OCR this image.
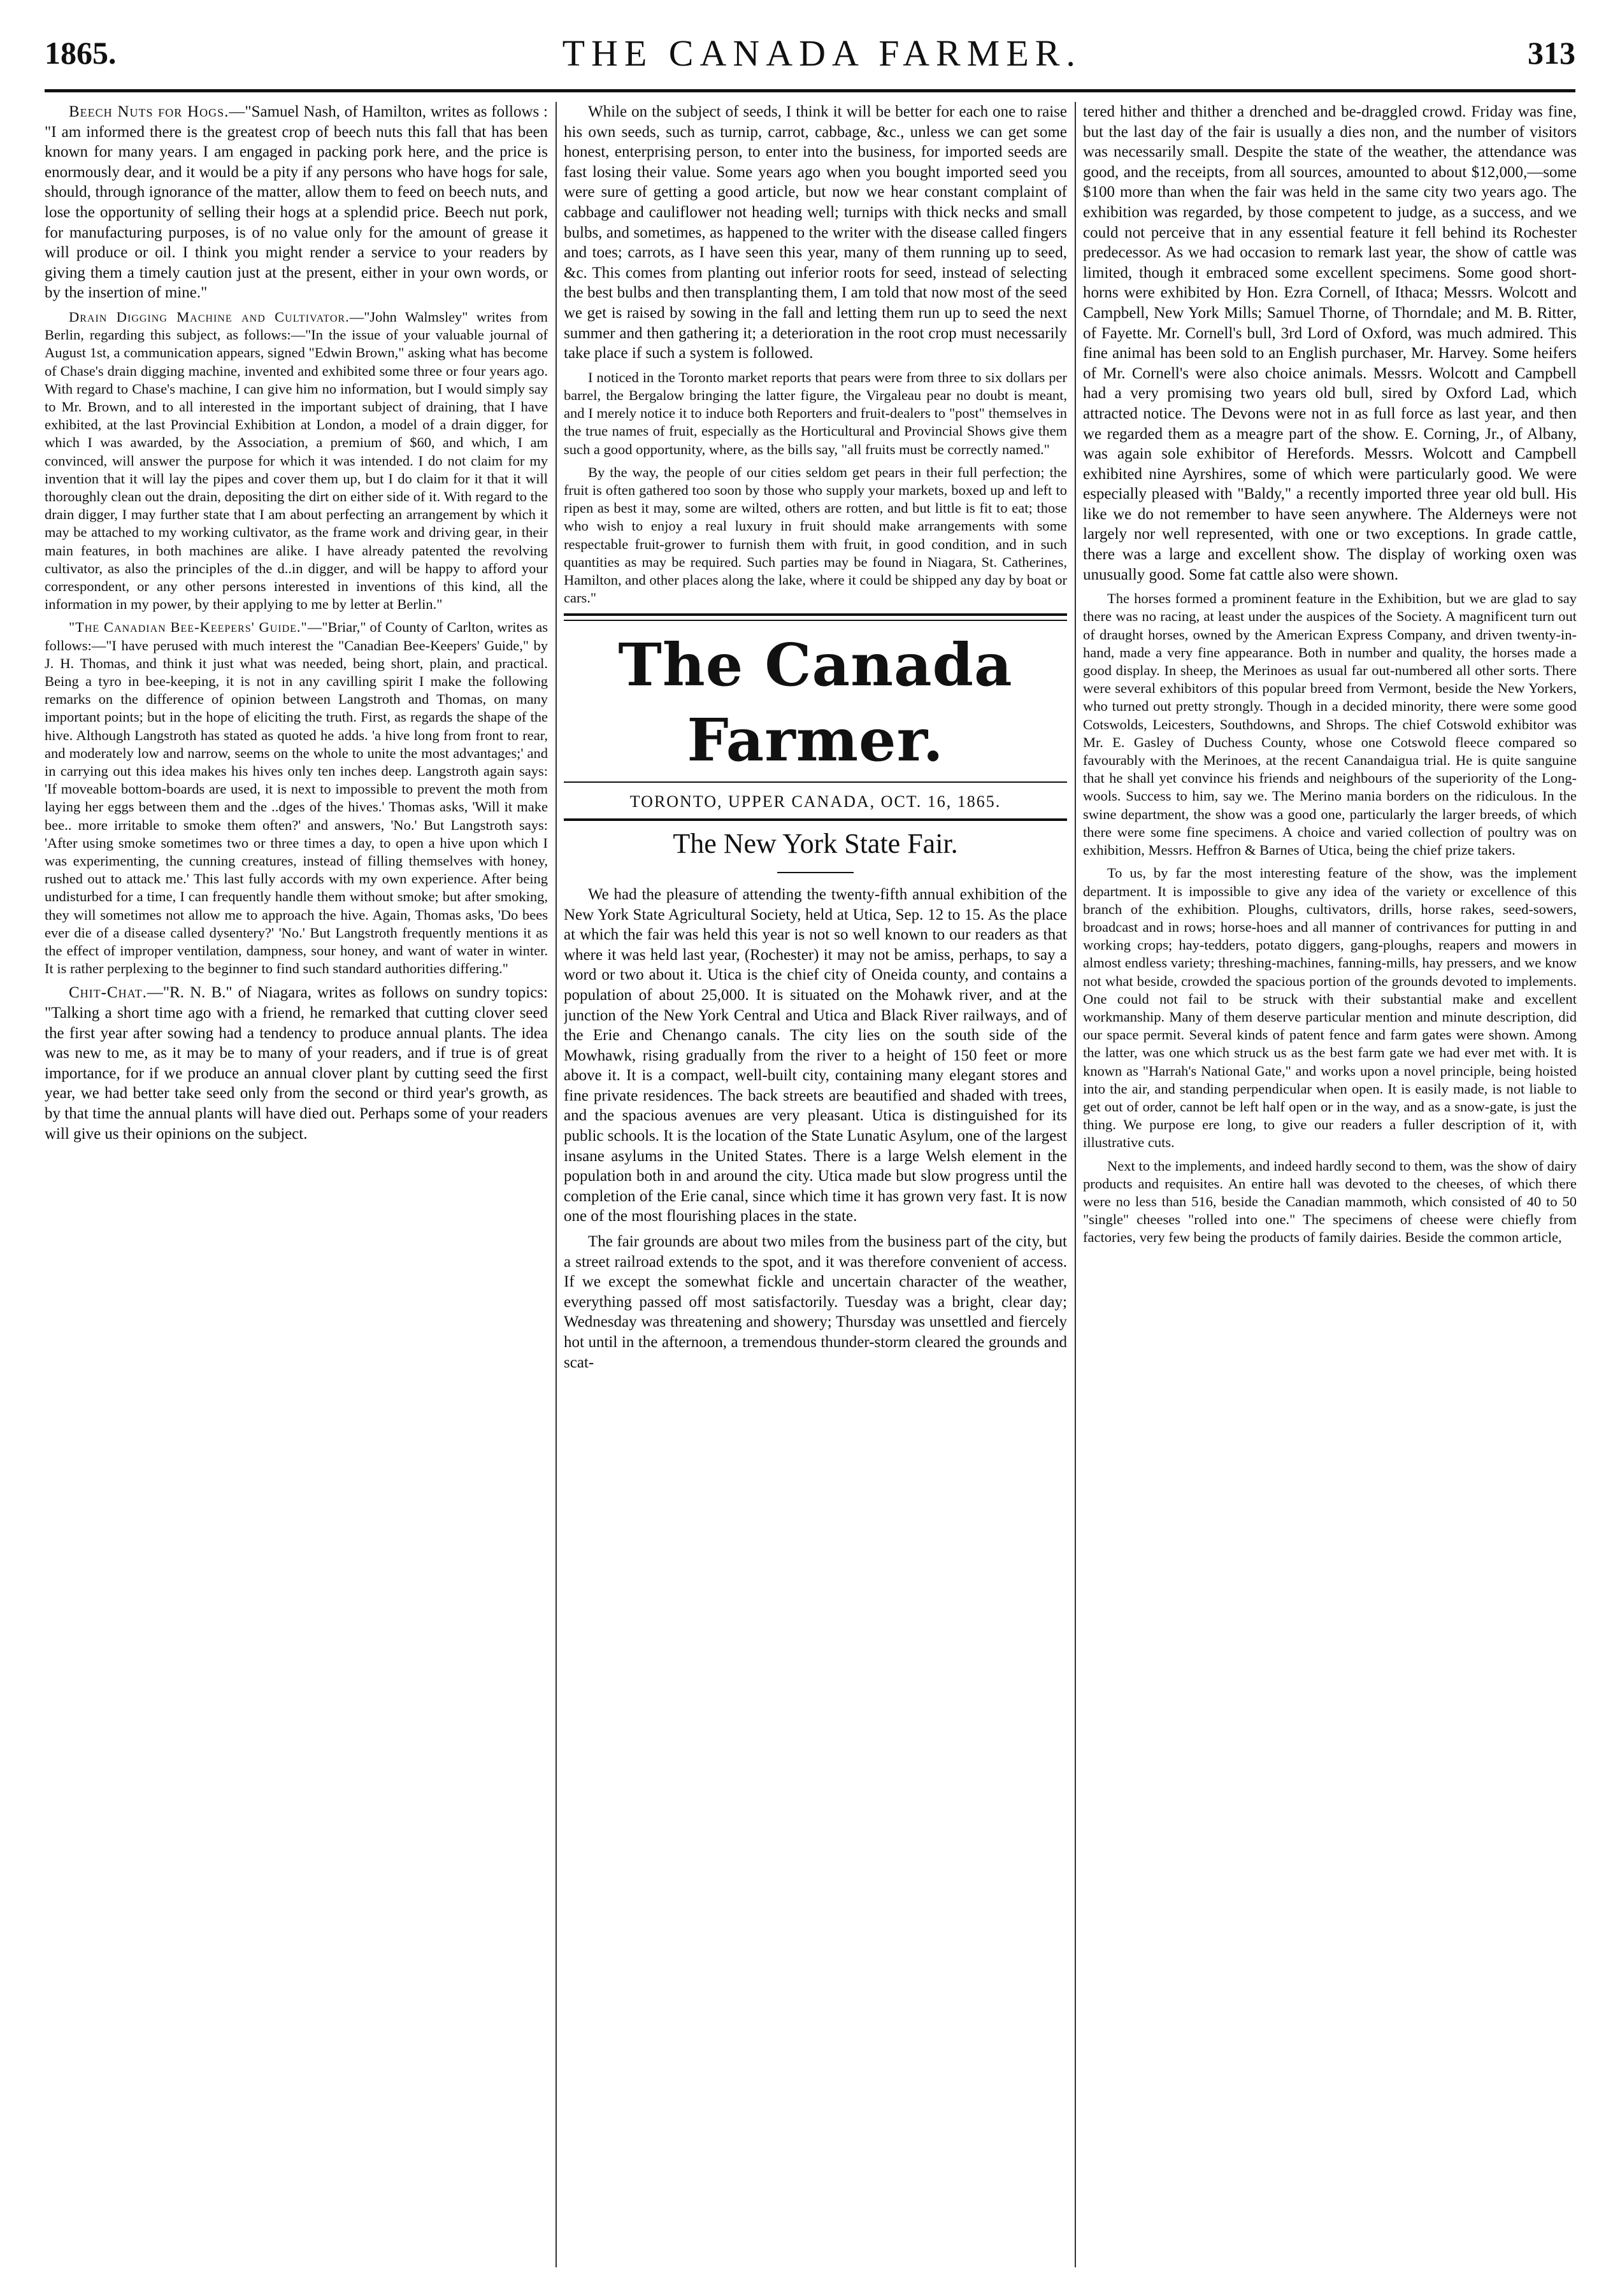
1865.	THE CANADA FARMER.	313

Beech Nuts for Hogs.—"Samuel Nash, of Hamilton, writes as follows : "I am informed there is the greatest crop of beech nuts this fall that has been known for many years. I am engaged in packing pork here, and the price is enormously dear, and it would be a pity if any persons who have hogs for sale, should, through ignorance of the matter, allow them to feed on beech nuts, and lose the opportunity of selling their hogs at a splendid price. Beech nut pork, for manufacturing purposes, is of no value only for the amount of grease it will produce or oil. I think you might render a service to your readers by giving them a timely caution just at the present, either in your own words, or by the insertion of mine."

Drain Digging Machine and Cultivator.—"John Walmsley" writes from Berlin, regarding this subject, as follows:—"In the issue of your valuable journal of August 1st, a communication appears, signed "Edwin Brown," asking what has become of Chase's drain digging machine, invented and exhibited some three or four years ago. With regard to Chase's machine, I can give him no information, but I would simply say to Mr. Brown, and to all interested in the important subject of draining, that I have exhibited, at the last Provincial Exhibition at London, a model of a drain digger, for which I was awarded, by the Association, a premium of $60, and which, I am convinced, will answer the purpose for which it was intended. I do not claim for my invention that it will lay the pipes and cover them up, but I do claim for it that it will thoroughly clean out the drain, depositing the dirt on either side of it. With regard to the drain digger, I may further state that I am about perfecting an arrangement by which it may be attached to my working cultivator, as the frame work and driving gear, in their main features, in both machines are alike. I have already patented the revolving cultivator, as also the principles of the d..in digger, and will be happy to afford your correspondent, or any other persons interested in inventions of this kind, all the information in my power, by their applying to me by letter at Berlin."

"The Canadian Bee-Keepers' Guide."—"Briar," of County of Carlton, writes as follows:—"I have perused with much interest the "Canadian Bee-Keepers' Guide," by J. H. Thomas, and think it just what was needed, being short, plain, and practical. Being a tyro in bee-keeping, it is not in any cavilling spirit I make the following remarks on the difference of opinion between Langstroth and Thomas, on many important points; but in the hope of eliciting the truth. First, as regards the shape of the hive. Although Langstroth has stated as quoted he adds. 'a hive long from front to rear, and moderately low and narrow, seems on the whole to unite the most advantages;' and in carrying out this idea makes his hives only ten inches deep. Langstroth again says: 'If moveable bottom-boards are used, it is next to impossible to prevent the moth from laying her eggs between them and the ..dges of the hives.' Thomas asks, 'Will it make bee.. more irritable to smoke them often?' and answers, 'No.' But Langstroth says: 'After using smoke sometimes two or three times a day, to open a hive upon which I was experimenting, the cunning creatures, instead of filling themselves with honey, rushed out to attack me.' This last fully accords with my own experience. After being undisturbed for a time, I can frequently handle them without smoke; but after smoking, they will sometimes not allow me to approach the hive. Again, Thomas asks, 'Do bees ever die of a disease called dysentery?' 'No.' But Langstroth frequently mentions it as the effect of improper ventilation, dampness, sour honey, and want of water in winter. It is rather perplexing to the beginner to find such standard authorities differing."

Chit-Chat.—"R. N. B." of Niagara, writes as follows on sundry topics: "Talking a short time ago with a friend, he remarked that cutting clover seed the first year after sowing had a tendency to produce annual plants. The idea was new to me, as it may be to many of your readers, and if true is of great importance, for if we produce an annual clover plant by cutting seed the first year, we had better take seed only from the second or third year's growth, as by that time the annual plants will have died out. Perhaps some of your readers will give us their opinions on the subject.

While on the subject of seeds, I think it will be better for each one to raise his own seeds, such as turnip, carrot, cabbage, &c., unless we can get some honest, enterprising person, to enter into the business, for imported seeds are fast losing their value. Some years ago when you bought imported seed you were sure of getting a good article, but now we hear constant complaint of cabbage and cauliflower not heading well; turnips with thick necks and small bulbs, and sometimes, as happened to the writer with the disease called fingers and toes; carrots, as I have seen this year, many of them running up to seed, &c. This comes from planting out inferior roots for seed, instead of selecting the best bulbs and then transplanting them, I am told that now most of the seed we get is raised by sowing in the fall and letting them run up to seed the next summer and then gathering it; a deterioration in the root crop must necessarily take place if such a system is followed.

I noticed in the Toronto market reports that pears were from three to six dollars per barrel, the Bergalow bringing the latter figure, the Virgaleau pear no doubt is meant, and I merely notice it to induce both Reporters and fruit-dealers to "post" themselves in the true names of fruit, especially as the Horticultural and Provincial Shows give them such a good opportunity, where, as the bills say, "all fruits must be correctly named."

By the way, the people of our cities seldom get pears in their full perfection; the fruit is often gathered too soon by those who supply your markets, boxed up and left to ripen as best it may, some are wilted, others are rotten, and but little is fit to eat; those who wish to enjoy a real luxury in fruit should make arrangements with some respectable fruit-grower to furnish them with fruit, in good condition, and in such quantities as may be required. Such parties may be found in Niagara, St. Catherines, Hamilton, and other places along the lake, where it could be shipped any day by boat or cars."

The Canada Farmer.

TORONTO, UPPER CANADA, OCT. 16, 1865.

The New York State Fair.

We had the pleasure of attending the twenty-fifth annual exhibition of the New York State Agricultural Society, held at Utica, Sep. 12 to 15. As the place at which the fair was held this year is not so well known to our readers as that where it was held last year, (Rochester) it may not be amiss, perhaps, to say a word or two about it. Utica is the chief city of Oneida county, and contains a population of about 25,000. It is situated on the Mohawk river, and at the junction of the New York Central and Utica and Black River railways, and of the Erie and Chenango canals. The city lies on the south side of the Mowhawk, rising gradually from the river to a height of 150 feet or more above it. It is a compact, well-built city, containing many elegant stores and fine private residences. The back streets are beautified and shaded with trees, and the spacious avenues are very pleasant. Utica is distinguished for its public schools. It is the location of the State Lunatic Asylum, one of the largest insane asylums in the United States. There is a large Welsh element in the population both in and around the city. Utica made but slow progress until the completion of the Erie canal, since which time it has grown very fast. It is now one of the most flourishing places in the state.

The fair grounds are about two miles from the business part of the city, but a street railroad extends to the spot, and it was therefore convenient of access. If we except the somewhat fickle and uncertain character of the weather, everything passed off most satisfactorily. Tuesday was a bright, clear day; Wednesday was threatening and showery; Thursday was unsettled and fiercely hot until in the afternoon, a tremendous thunder-storm cleared the grounds and scat-

tered hither and thither a drenched and be-draggled crowd. Friday was fine, but the last day of the fair is usually a dies non, and the number of visitors was necessarily small. Despite the state of the weather, the attendance was good, and the receipts, from all sources, amounted to about $12,000,—some $100 more than when the fair was held in the same city two years ago. The exhibition was regarded, by those competent to judge, as a success, and we could not perceive that in any essential feature it fell behind its Rochester predecessor. As we had occasion to remark last year, the show of cattle was limited, though it embraced some excellent specimens. Some good short-horns were exhibited by Hon. Ezra Cornell, of Ithaca; Messrs. Wolcott and Campbell, New York Mills; Samuel Thorne, of Thorndale; and M. B. Ritter, of Fayette. Mr. Cornell's bull, 3rd Lord of Oxford, was much admired. This fine animal has been sold to an English purchaser, Mr. Harvey. Some heifers of Mr. Cornell's were also choice animals. Messrs. Wolcott and Campbell had a very promising two years old bull, sired by Oxford Lad, which attracted notice. The Devons were not in as full force as last year, and then we regarded them as a meagre part of the show. E. Corning, Jr., of Albany, was again sole exhibitor of Herefords. Messrs. Wolcott and Campbell exhibited nine Ayrshires, some of which were particularly good. We were especially pleased with "Baldy," a recently imported three year old bull. His like we do not remember to have seen anywhere. The Alderneys were not largely nor well represented, with one or two exceptions. In grade cattle, there was a large and excellent show. The display of working oxen was unusually good. Some fat cattle also were shown.

The horses formed a prominent feature in the Exhibition, but we are glad to say there was no racing, at least under the auspices of the Society. A magnificent turn out of draught horses, owned by the American Express Company, and driven twenty-in-hand, made a very fine appearance. Both in number and quality, the horses made a good display. In sheep, the Merinoes as usual far out-numbered all other sorts. There were several exhibitors of this popular breed from Vermont, beside the New Yorkers, who turned out pretty strongly. Though in a decided minority, there were some good Cotswolds, Leicesters, Southdowns, and Shrops. The chief Cotswold exhibitor was Mr. E. Gasley of Duchess County, whose one Cotswold fleece compared so favourably with the Merinoes, at the recent Canandaigua trial. He is quite sanguine that he shall yet convince his friends and neighbours of the superiority of the Long-wools. Success to him, say we. The Merino mania borders on the ridiculous. In the swine department, the show was a good one, particularly the larger breeds, of which there were some fine specimens. A choice and varied collection of poultry was on exhibition, Messrs. Heffron & Barnes of Utica, being the chief prize takers.

To us, by far the most interesting feature of the show, was the implement department. It is impossible to give any idea of the variety or excellence of this branch of the exhibition. Ploughs, cultivators, drills, horse rakes, seed-sowers, broadcast and in rows; horse-hoes and all manner of contrivances for putting in and working crops; hay-tedders, potato diggers, gang-ploughs, reapers and mowers in almost endless variety; threshing-machines, fanning-mills, hay pressers, and we know not what beside, crowded the spacious portion of the grounds devoted to implements. One could not fail to be struck with their substantial make and excellent workmanship. Many of them deserve particular mention and minute description, did our space permit. Several kinds of patent fence and farm gates were shown. Among the latter, was one which struck us as the best farm gate we had ever met with. It is known as "Harrah's National Gate," and works upon a novel principle, being hoisted into the air, and standing perpendicular when open. It is easily made, is not liable to get out of order, cannot be left half open or in the way, and as a snow-gate, is just the thing. We purpose ere long, to give our readers a fuller description of it, with illustrative cuts.

Next to the implements, and indeed hardly second to them, was the show of dairy products and requisites. An entire hall was devoted to the cheeses, of which there were no less than 516, beside the Canadian mammoth, which consisted of 40 to 50 "single" cheeses "rolled into one." The specimens of cheese were chiefly from factories, very few being the products of family dairies. Beside the common article,
